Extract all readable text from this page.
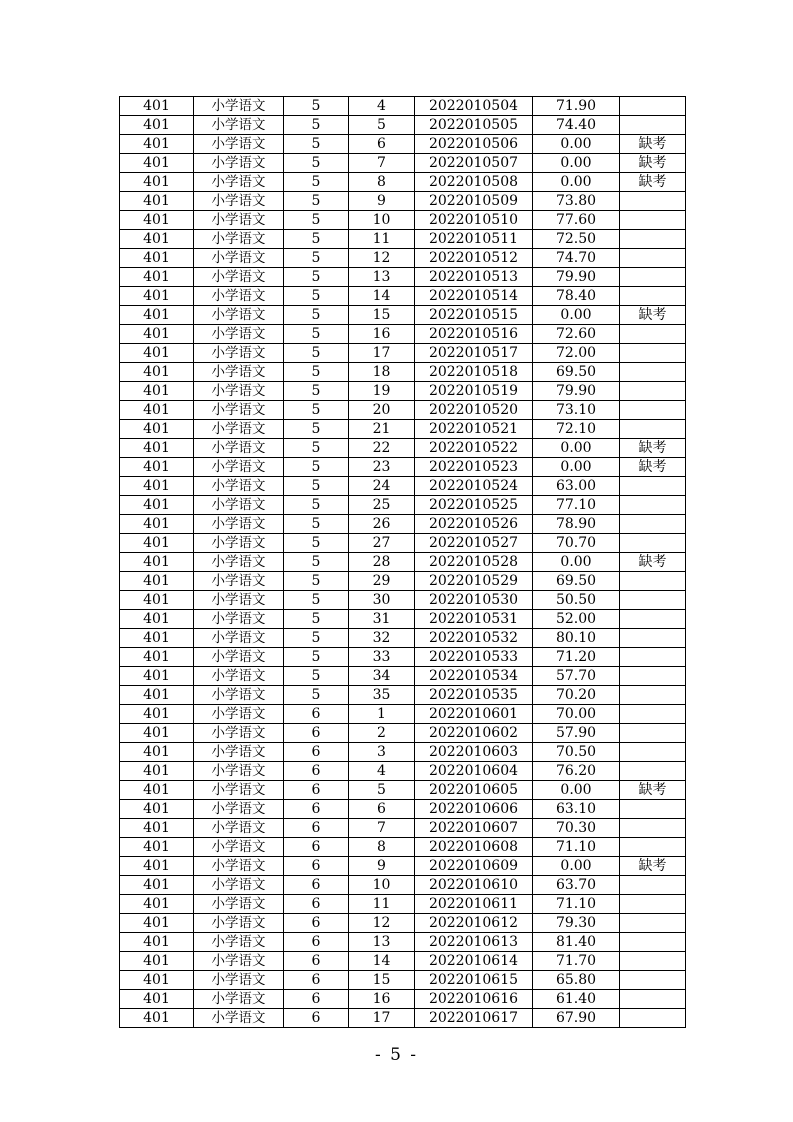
401	小学语文	5	4	2022010504	71.90	
401	小学语文	5	5	2022010505	74.40	
401	小学语文	5	6	2022010506	0.00	缺考
401	小学语文	5	7	2022010507	0.00	缺考
401	小学语文	5	8	2022010508	0.00	缺考
401	小学语文	5	9	2022010509	73.80	
401	小学语文	5	10	2022010510	77.60	
401	小学语文	5	11	2022010511	72.50	
401	小学语文	5	12	2022010512	74.70	
401	小学语文	5	13	2022010513	79.90	
401	小学语文	5	14	2022010514	78.40	
401	小学语文	5	15	2022010515	0.00	缺考
401	小学语文	5	16	2022010516	72.60	
401	小学语文	5	17	2022010517	72.00	
401	小学语文	5	18	2022010518	69.50	
401	小学语文	5	19	2022010519	79.90	
401	小学语文	5	20	2022010520	73.10	
401	小学语文	5	21	2022010521	72.10	
401	小学语文	5	22	2022010522	0.00	缺考
401	小学语文	5	23	2022010523	0.00	缺考
401	小学语文	5	24	2022010524	63.00	
401	小学语文	5	25	2022010525	77.10	
401	小学语文	5	26	2022010526	78.90	
401	小学语文	5	27	2022010527	70.70	
401	小学语文	5	28	2022010528	0.00	缺考
401	小学语文	5	29	2022010529	69.50	
401	小学语文	5	30	2022010530	50.50	
401	小学语文	5	31	2022010531	52.00	
401	小学语文	5	32	2022010532	80.10	
401	小学语文	5	33	2022010533	71.20	
401	小学语文	5	34	2022010534	57.70	
401	小学语文	5	35	2022010535	70.20	
401	小学语文	6	1	2022010601	70.00	
401	小学语文	6	2	2022010602	57.90	
401	小学语文	6	3	2022010603	70.50	
401	小学语文	6	4	2022010604	76.20	
401	小学语文	6	5	2022010605	0.00	缺考
401	小学语文	6	6	2022010606	63.10	
401	小学语文	6	7	2022010607	70.30	
401	小学语文	6	8	2022010608	71.10	
401	小学语文	6	9	2022010609	0.00	缺考
401	小学语文	6	10	2022010610	63.70	
401	小学语文	6	11	2022010611	71.10	
401	小学语文	6	12	2022010612	79.30	
401	小学语文	6	13	2022010613	81.40	
401	小学语文	6	14	2022010614	71.70	
401	小学语文	6	15	2022010615	65.80	
401	小学语文	6	16	2022010616	61.40	
401	小学语文	6	17	2022010617	67.90	
- 5 -
